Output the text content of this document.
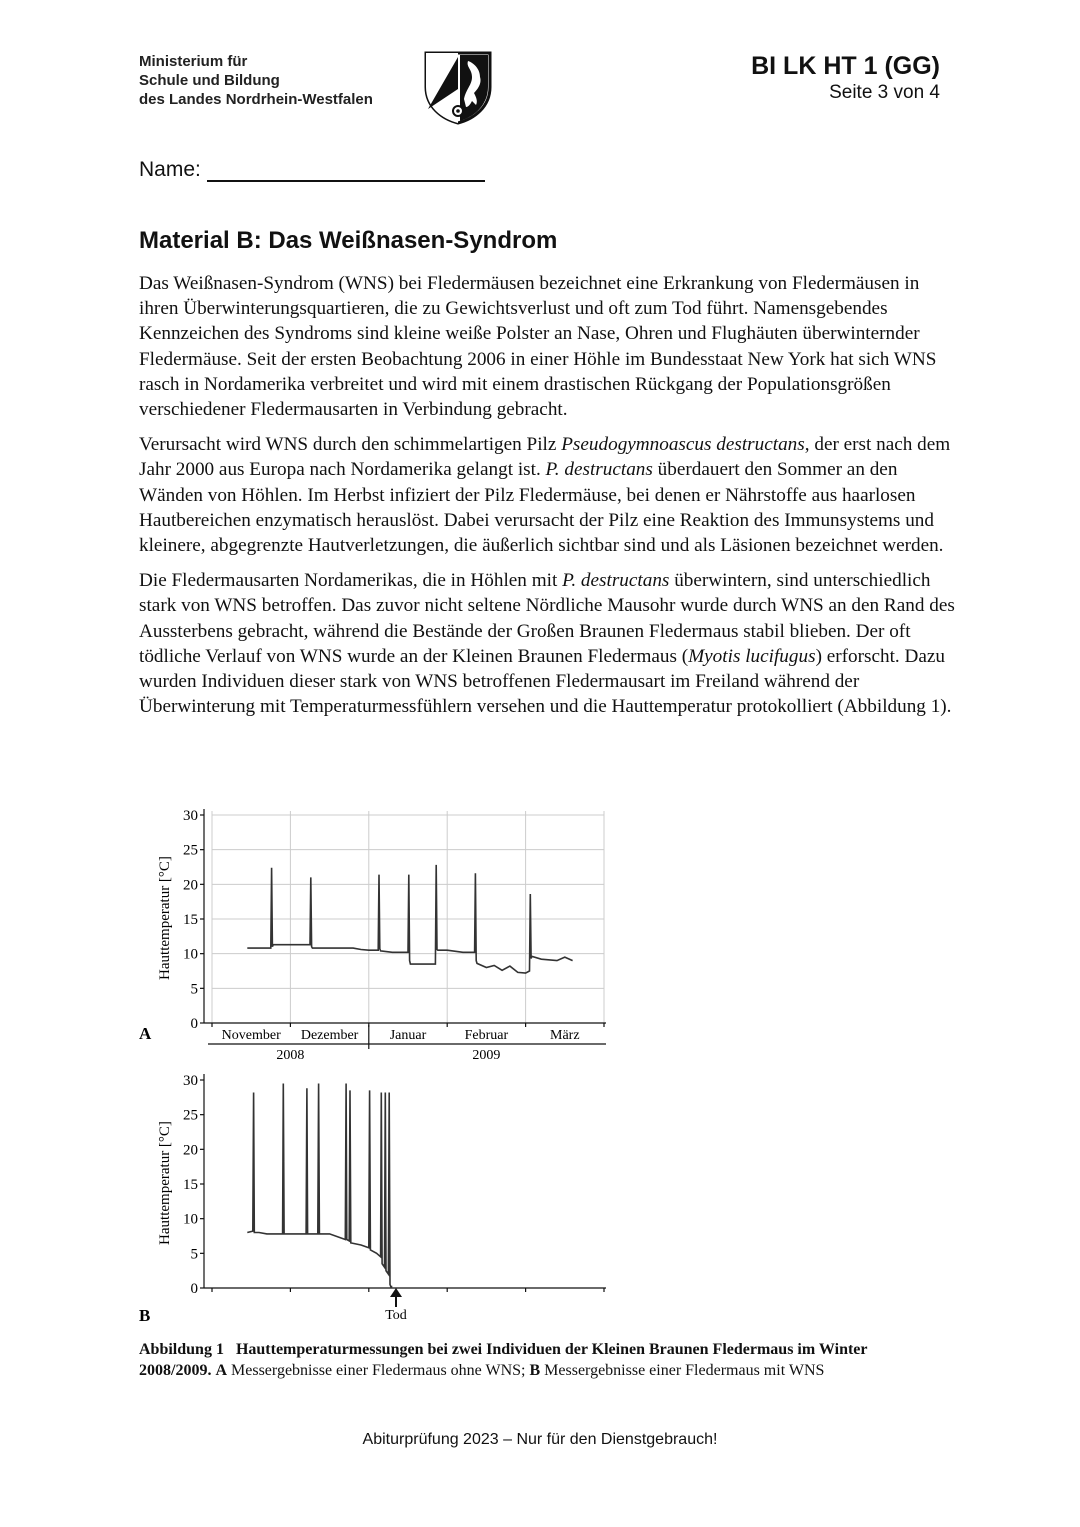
Ministerium für
Schule und Bildung
des Landes Nordrhein-Westfalen
BI LK HT 1 (GG)
Seite 3 von 4
Name:
Material B: Das Weißnasen-Syndrom

Das Weißnasen-Syndrom (WNS) bei Fledermäusen bezeichnet eine Erkrankung von Fledermäusen in ihren Überwinterungsquartieren, die zu Gewichtsverlust und oft zum Tod führt. Namensgebendes Kennzeichen des Syndroms sind kleine weiße Polster an Nase, Ohren und Flughäuten überwinternder Fledermäuse. Seit der ersten Beobachtung 2006 in einer Höhle im Bundesstaat New York hat sich WNS rasch in Nordamerika verbreitet und wird mit einem drastischen Rückgang der Populationsgrößen verschiedener Fledermausarten in Verbindung gebracht.

Verursacht wird WNS durch den schimmelartigen Pilz Pseudogymnoascus destructans, der erst nach dem Jahr 2000 aus Europa nach Nordamerika gelangt ist. P. destructans überdauert den Sommer an den Wänden von Höhlen. Im Herbst infiziert der Pilz Fledermäuse, bei denen er Nährstoffe aus haarlosen Hautbereichen enzymatisch herauslöst. Dabei verursacht der Pilz eine Reaktion des Immunsystems und kleinere, abgegrenzte Hautverletzungen, die äußerlich sichtbar sind und als Läsionen bezeichnet werden.

Die Fledermausarten Nordamerikas, die in Höhlen mit P. destructans überwintern, sind unterschiedlich stark von WNS betroffen. Das zuvor nicht seltene Nördliche Mausohr wurde durch WNS an den Rand des Aussterbens gebracht, während die Bestände der Großen Braunen Fledermaus stabil blieben. Der oft tödliche Verlauf von WNS wurde an der Kleinen Braunen Fledermaus (Myotis lucifugus) erforscht. Dazu wurden Individuen dieser stark von WNS betroffenen Fledermausart im Freiland während der Überwinterung mit Temperaturmessfühlern versehen und die Hauttemperatur protokolliert (Abbildung 1).

0
5
10
15
20
25
30
Hauttemperatur [°C]
A	November Dezember Januar	Februar	März
2008	2009
0
5
10
15
20
25
30
Hauttemperatur [°C]
B	Tod
Abbildung 1 Hauttemperaturmessungen bei zwei Individuen der Kleinen Braunen Fledermaus im Winter 2008/2009. A Messergebnisse einer Fledermaus ohne WNS; B Messergebnisse einer Fledermaus mit WNS
Abiturprüfung 2023 – Nur für den Dienstgebrauch!
